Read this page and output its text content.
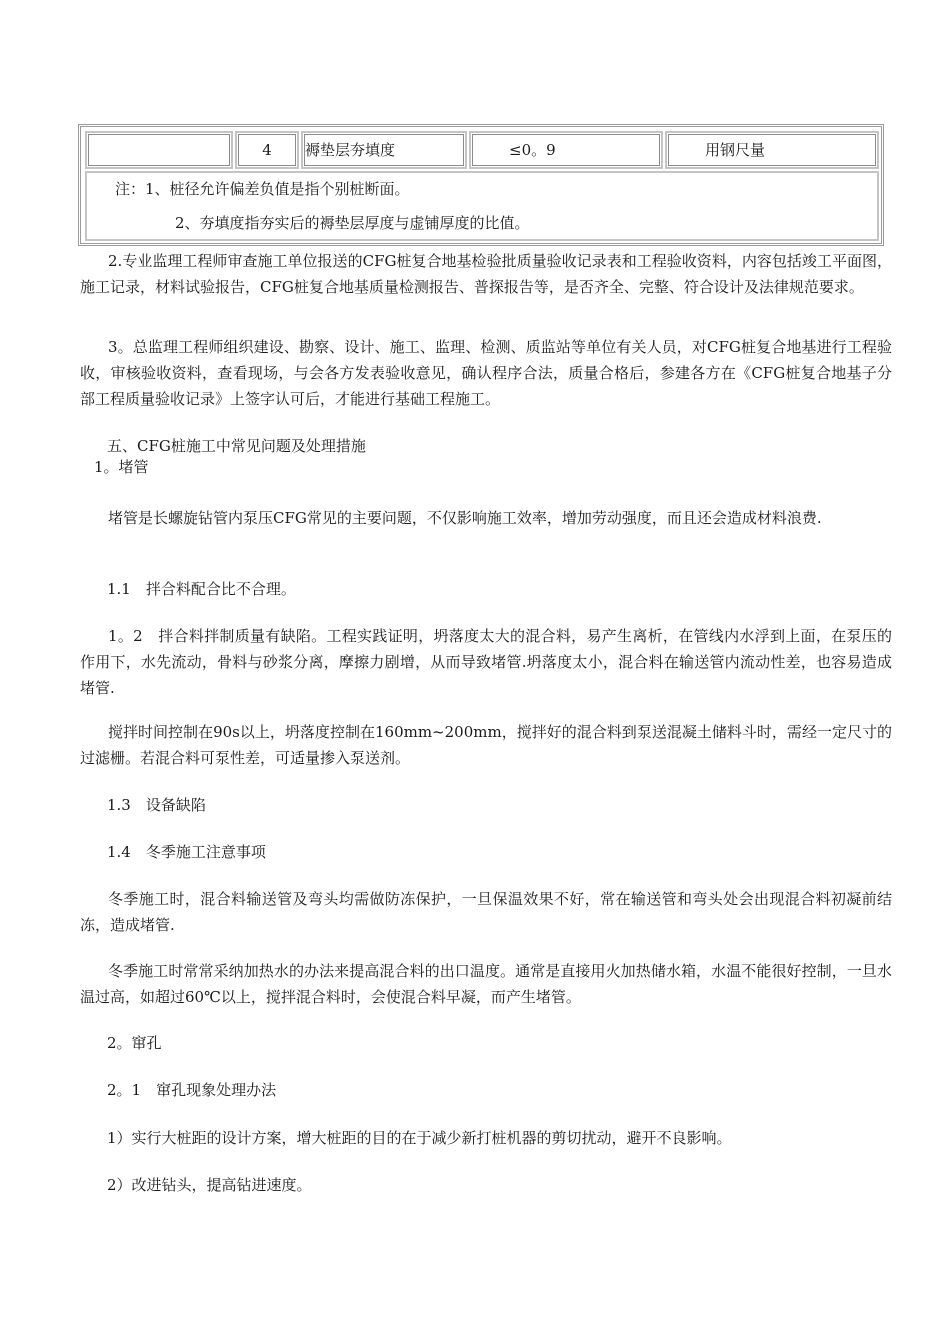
4	褥垫层夯填度	≤0。9	用钢尺量
注：1、桩径允许偏差负值是指个别桩断面。
2、夯填度指夯实后的褥垫层厚度与虚铺厚度的比值。

2.专业监理工程师审查施工单位报送的CFG桩复合地基检验批质量验收记录表和工程验收资料，内容包括竣工平面图，施工记录，材料试验报告，CFG桩复合地基质量检测报告、普探报告等，是否齐全、完整、符合设计及法律规范要求。

3。总监理工程师组织建设、勘察、设计、施工、监理、检测、质监站等单位有关人员，对CFG桩复合地基进行工程验收，审核验收资料，查看现场，与会各方发表验收意见，确认程序合法，质量合格后，参建各方在《CFG桩复合地基子分部工程质量验收记录》上签字认可后，才能进行基础工程施工。

五、CFG桩施工中常见问题及处理措施

1。堵管

堵管是长螺旋钻管内泵压CFG常见的主要问题，不仅影响施工效率，增加劳动强度，而且还会造成材料浪费.

1.1　拌合料配合比不合理。

1。2　拌合料拌制质量有缺陷。工程实践证明，坍落度太大的混合料，易产生离析，在管线内水浮到上面，在泵压的作用下，水先流动，骨料与砂浆分离，摩擦力剧增，从而导致堵管.坍落度太小，混合料在输送管内流动性差，也容易造成堵管.

搅拌时间控制在90s以上，坍落度控制在160mm~200mm，搅拌好的混合料到泵送混凝土储料斗时，需经一定尺寸的过滤栅。若混合料可泵性差，可适量掺入泵送剂。

1.3　设备缺陷

1.4　冬季施工注意事项

冬季施工时，混合料输送管及弯头均需做防冻保护，一旦保温效果不好，常在输送管和弯头处会出现混合料初凝前结冻，造成堵管.

冬季施工时常常采纳加热水的办法来提高混合料的出口温度。通常是直接用火加热储水箱，水温不能很好控制，一旦水温过高，如超过60℃以上，搅拌混合料时，会使混合料早凝，而产生堵管。

2。窜孔

2。1　窜孔现象处理办法

1）实行大桩距的设计方案，增大桩距的目的在于减少新打桩机器的剪切扰动，避开不良影响。

2）改进钻头，提高钻进速度。
